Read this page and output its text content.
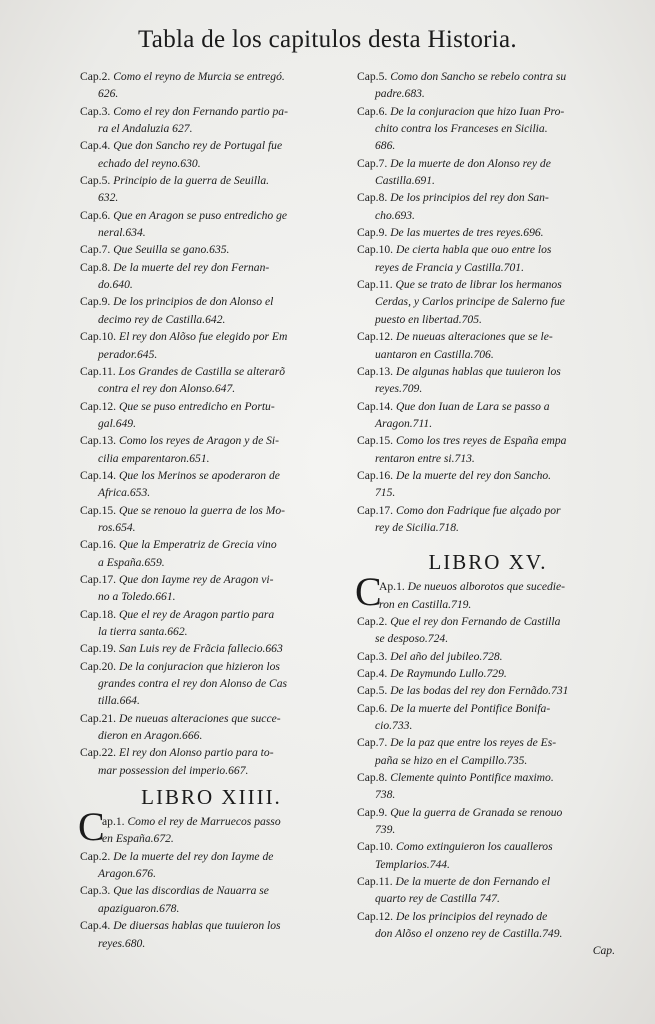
Tabla de los capitulos desta Historia.
Cap.2. Como el reyno de Murcia se entregó.
626.
Cap.3. Como el rey don Fernando partio pa-
ra el Andaluzia 627.
Cap.4. Que don Sancho rey de Portugal fue
echado del reyno.630.
Cap.5. Principio de la guerra de Seuilla.
632.
Cap.6. Que en Aragon se puso entredicho ge
neral.634.
Cap.7. Que Seuilla se gano.635.
Cap.8. De la muerte del rey don Fernan-
do.640.
Cap.9. De los principios de don Alonso el
decimo rey de Castilla.642.
Cap.10. El rey don Alõso fue elegido por Em
perador.645.
Cap.11. Los Grandes de Castilla se alterarõ
contra el rey don Alonso.647.
Cap.12. Que se puso entredicho en Portu-
gal.649.
Cap.13. Como los reyes de Aragon y de Si-
cilia emparentaron.651.
Cap.14. Que los Merinos se apoderaron de
Africa.653.
Cap.15. Que se renouo la guerra de los Mo-
ros.654.
Cap.16. Que la Emperatriz de Grecia vino
a España.659.
Cap.17. Que don Iayme rey de Aragon vi-
no a Toledo.661.
Cap.18. Que el rey de Aragon partio para
la tierra santa.662.
Cap.19. San Luis rey de Frãcia fallecio.663
Cap.20. De la conjuracion que hizieron los
grandes contra el rey don Alonso de Cas
tilla.664.
Cap.21. De nueuas alteraciones que succe-
dieron en Aragon.666.
Cap.22. El rey don Alonso partio para to-
mar possession del imperio.667.
LIBRO XIIII.
C
ap.1. Como el rey de Marruecos passo
en España.672.
Cap.2. De la muerte del rey don Iayme de
Aragon.676.
Cap.3. Que las discordias de Nauarra se
apaziguaron.678.
Cap.4. De diuersas hablas que tuuieron los
reyes.680.
Cap.5. Como don Sancho se rebelo contra su
padre.683.
Cap.6. De la conjuracion que hizo Iuan Pro-
chito contra los Franceses en Sicilia.
686.
Cap.7. De la muerte de don Alonso rey de
Castilla.691.
Cap.8. De los principios del rey don San-
cho.693.
Cap.9. De las muertes de tres reyes.696.
Cap.10. De cierta habla que ouo entre los
reyes de Francia y Castilla.701.
Cap.11. Que se trato de librar los hermanos
Cerdas, y Carlos principe de Salerno fue
puesto en libertad.705.
Cap.12. De nueuas alteraciones que se le-
uantaron en Castilla.706.
Cap.13. De algunas hablas que tuuieron los
reyes.709.
Cap.14. Que don Iuan de Lara se passo a
Aragon.711.
Cap.15. Como los tres reyes de España empa
rentaron entre si.713.
Cap.16. De la muerte del rey don Sancho.
715.
Cap.17. Como don Fadrique fue alçado por
rey de Sicilia.718.
LIBRO XV.
C
Ap.1. De nueuos alborotos que sucedie-
ron en Castilla.719.
Cap.2. Que el rey don Fernando de Castilla
se desposo.724.
Cap.3. Del año del jubileo.728.
Cap.4. De Raymundo Lullo.729.
Cap.5. De las bodas del rey don Fernãdo.731
Cap.6. De la muerte del Pontifice Bonifa-
cio.733.
Cap.7. De la paz que entre los reyes de Es-
paña se hizo en el Campillo.735.
Cap.8. Clemente quinto Pontifice maximo.
738.
Cap.9. Que la guerra de Granada se renouo
739.
Cap.10. Como extinguieron los caualleros
Templarios.744.
Cap.11. De la muerte de don Fernando el
quarto rey de Castilla 747.
Cap.12. De los principios del reynado de
don Alõso el onzeno rey de Castilla.749.
Cap.
